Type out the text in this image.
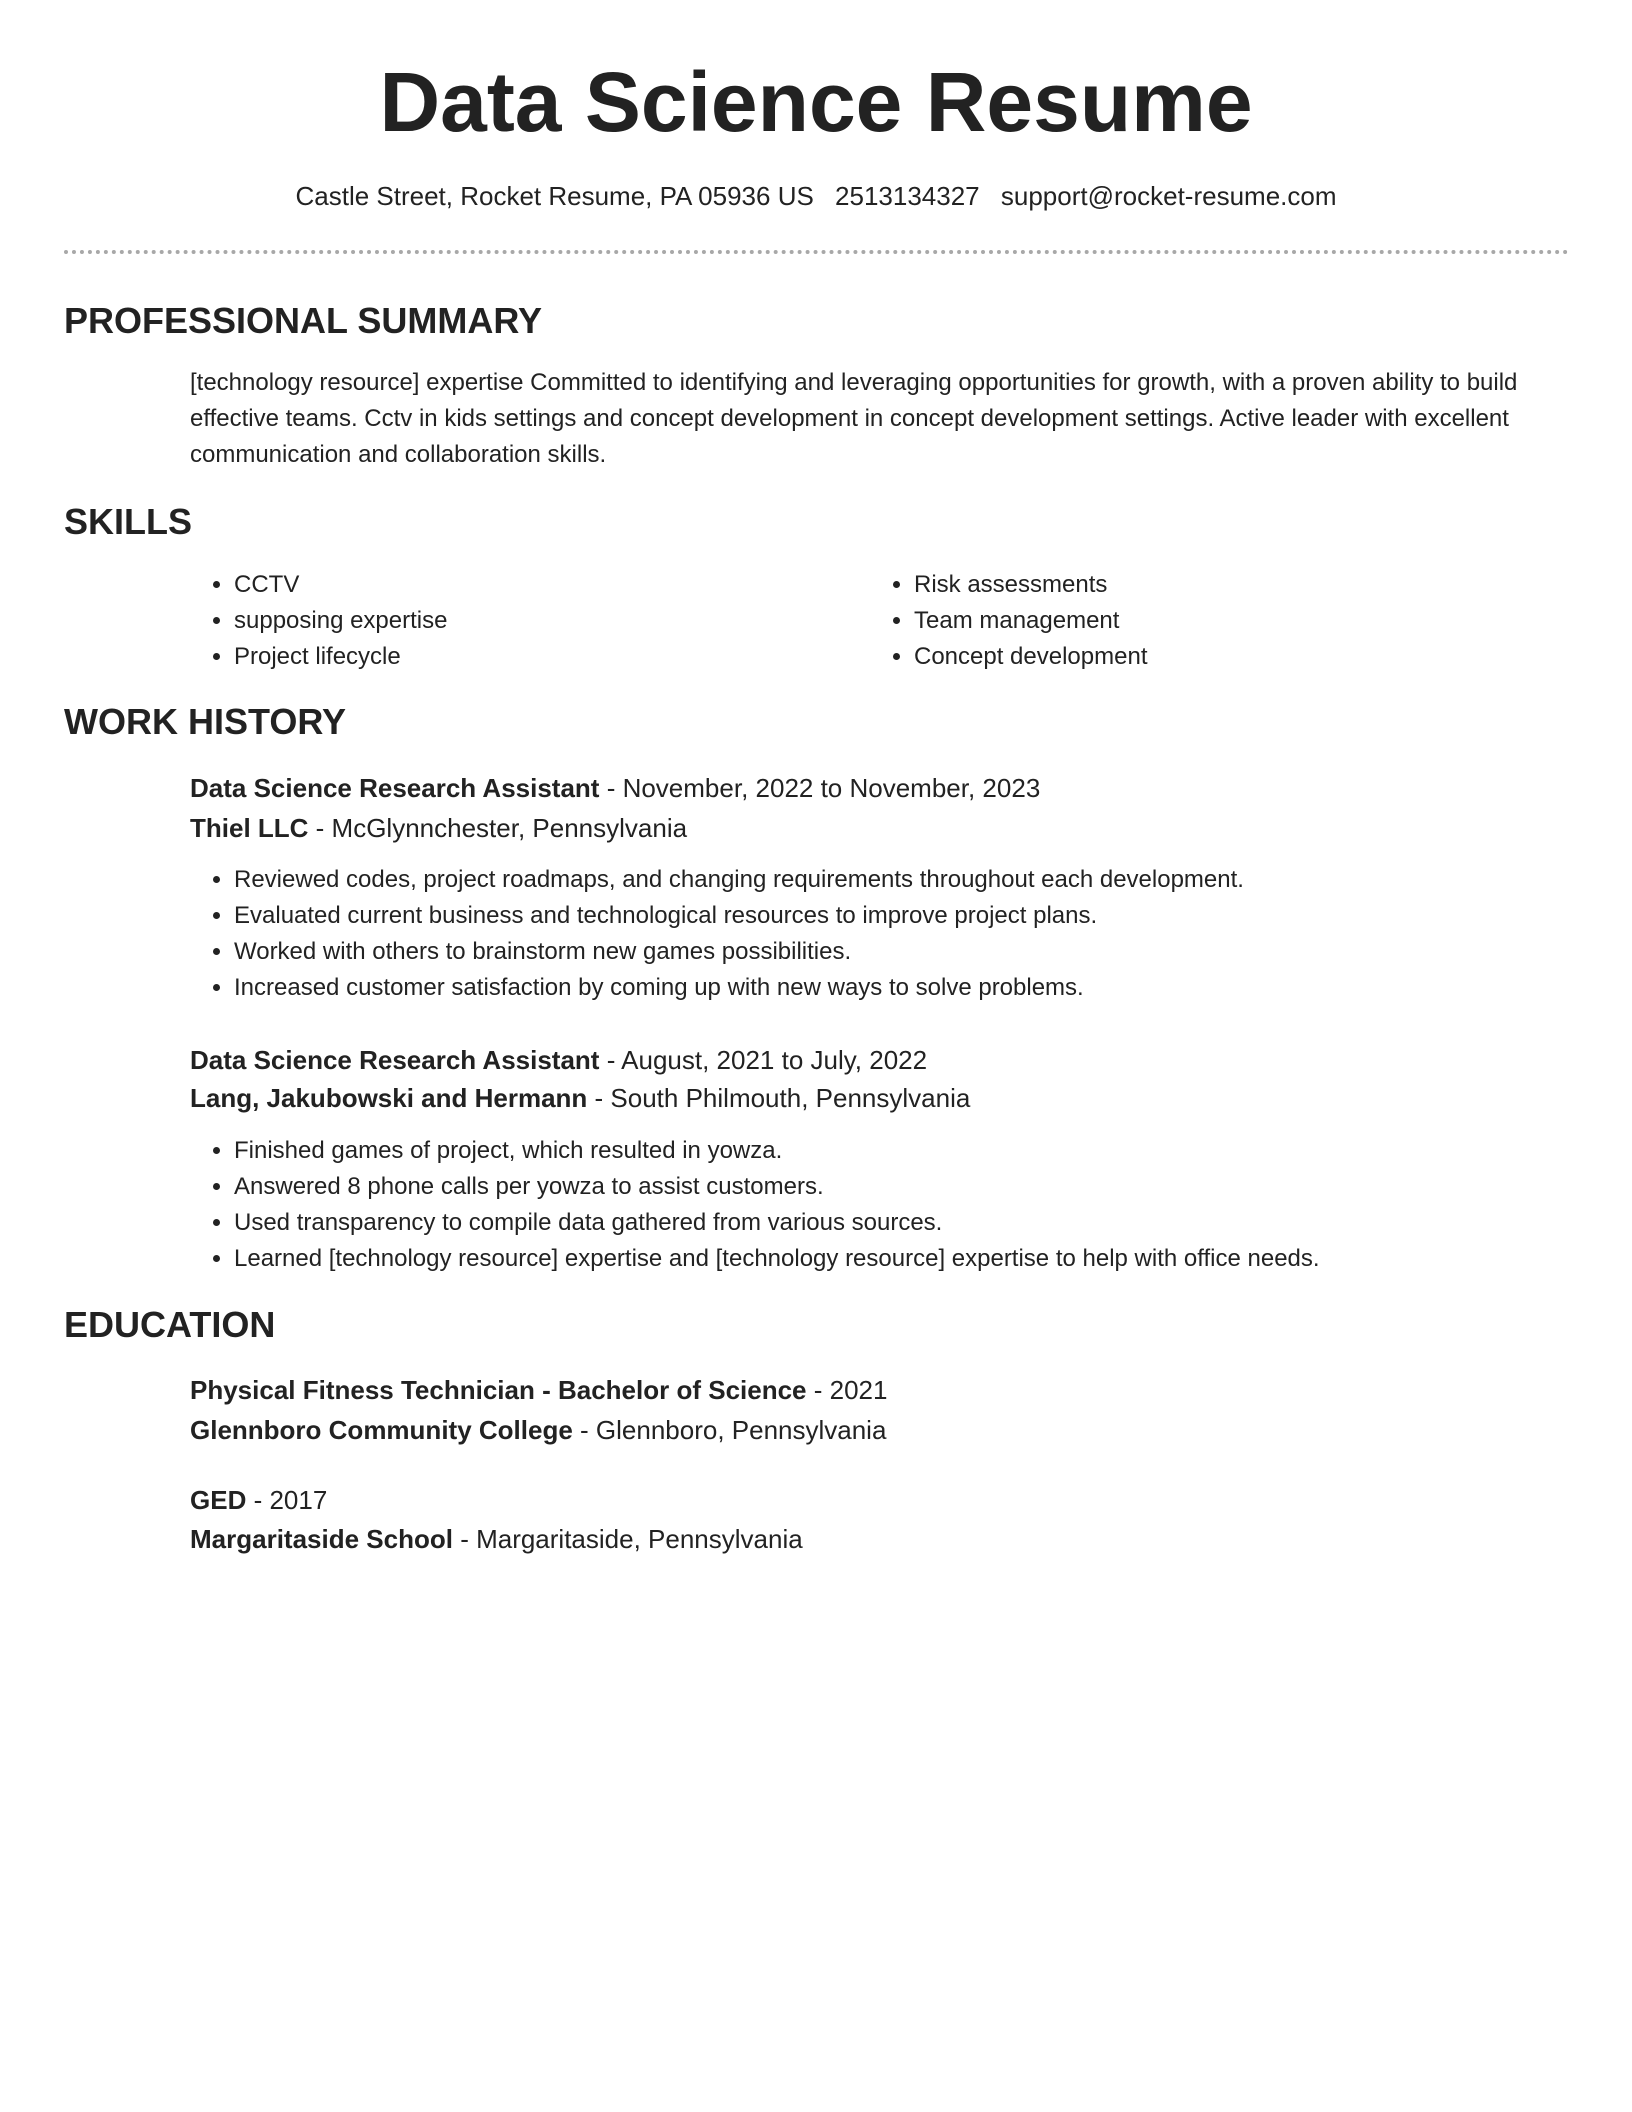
Data Science Resume
Castle Street, Rocket Resume, PA 05936 US 2513134327 support@rocket-resume.com
PROFESSIONAL SUMMARY
[technology resource] expertise Committed to identifying and leveraging opportunities for growth, with a proven ability to build effective teams. Cctv in kids settings and concept development in concept development settings. Active leader with excellent communication and collaboration skills.
SKILLS
• CCTV
• supposing expertise
• Project lifecycle
• Risk assessments
• Team management
• Concept development
WORK HISTORY
Data Science Research Assistant - November, 2022 to November, 2023
Thiel LLC - McGlynnchester, Pennsylvania
• Reviewed codes, project roadmaps, and changing requirements throughout each development.
• Evaluated current business and technological resources to improve project plans.
• Worked with others to brainstorm new games possibilities.
• Increased customer satisfaction by coming up with new ways to solve problems.
Data Science Research Assistant - August, 2021 to July, 2022
Lang, Jakubowski and Hermann - South Philmouth, Pennsylvania
• Finished games of project, which resulted in yowza.
• Answered 8 phone calls per yowza to assist customers.
• Used transparency to compile data gathered from various sources.
• Learned [technology resource] expertise and [technology resource] expertise to help with office needs.
EDUCATION
Physical Fitness Technician - Bachelor of Science - 2021
Glennboro Community College - Glennboro, Pennsylvania
GED - 2017
Margaritaside School - Margaritaside, Pennsylvania
